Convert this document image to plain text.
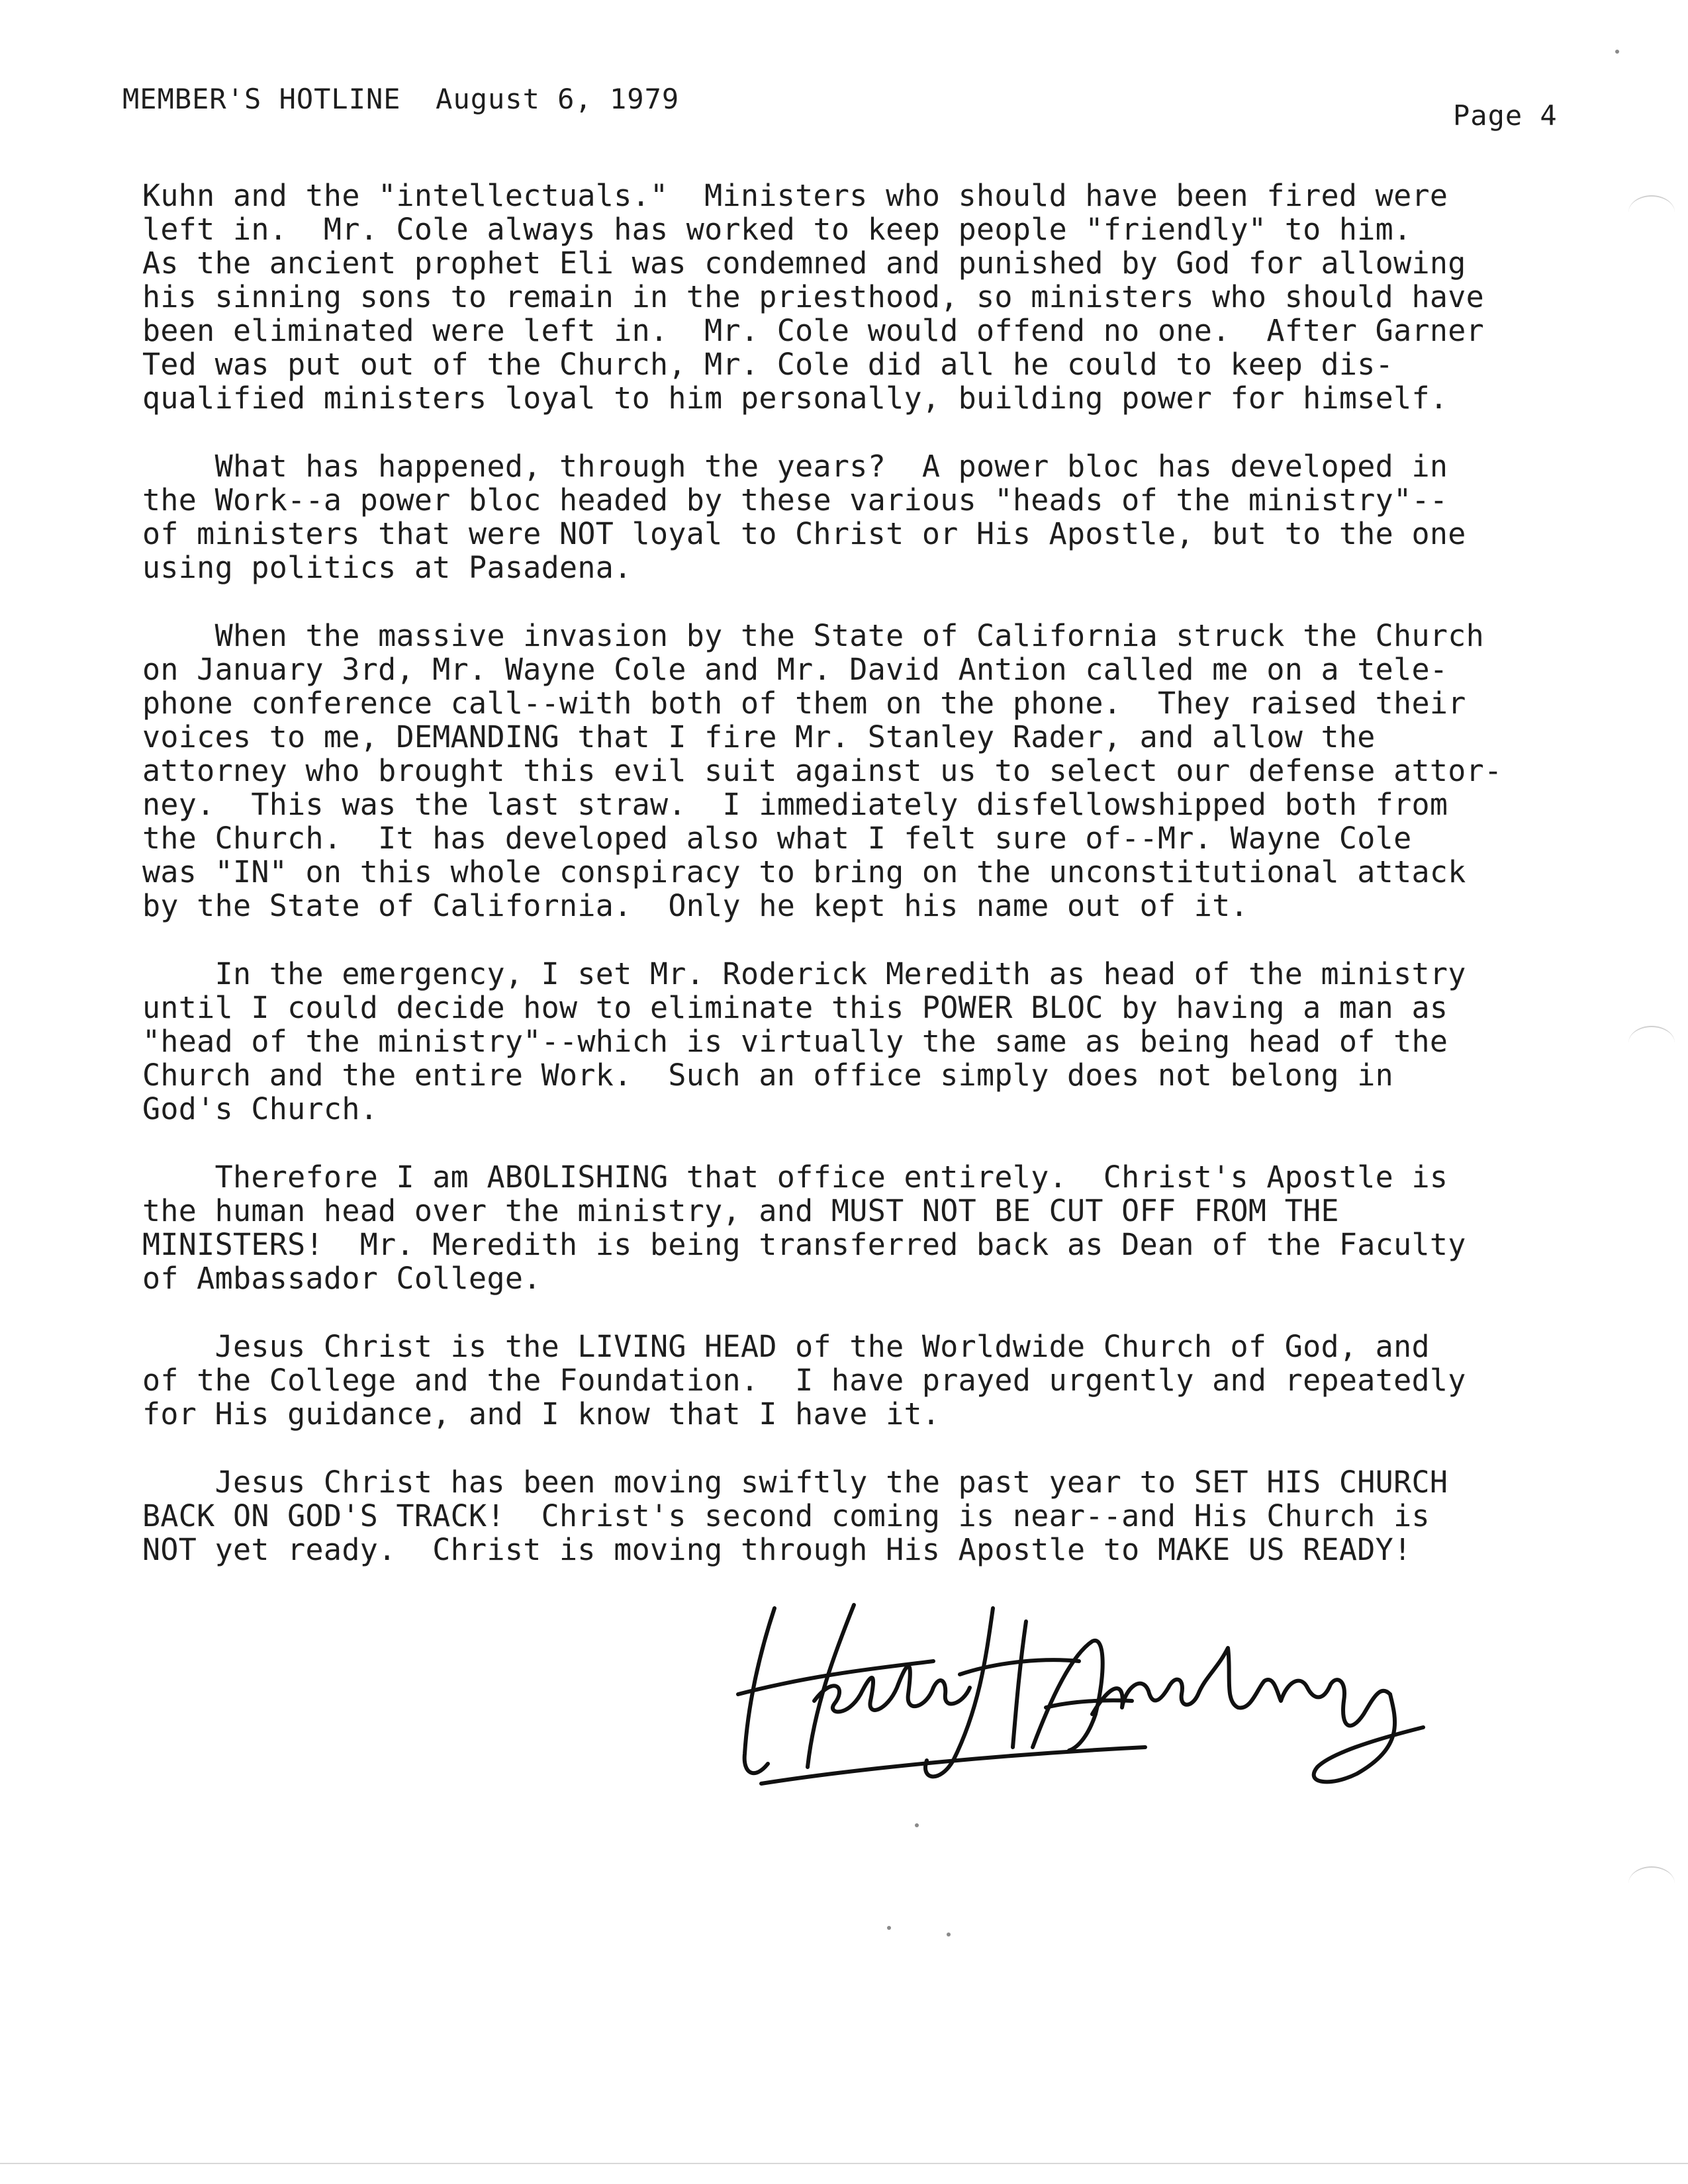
MEMBER'S HOTLINE August 6, 1979
Page 4
Kuhn and the "intellectuals."  Ministers who should have been fired were
left in.  Mr. Cole always has worked to keep people "friendly" to him.
As the ancient prophet Eli was condemned and punished by God for allowing
his sinning sons to remain in the priesthood, so ministers who should have
been eliminated were left in.  Mr. Cole would offend no one.  After Garner
Ted was put out of the Church, Mr. Cole did all he could to keep dis-
qualified ministers loyal to him personally, building power for himself.
What has happened, through the years?  A power bloc has developed in
the Work--a power bloc headed by these various "heads of the ministry"--
of ministers that were NOT loyal to Christ or His Apostle, but to the one
using politics at Pasadena.
When the massive invasion by the State of California struck the Church
on January 3rd, Mr. Wayne Cole and Mr. David Antion called me on a tele-
phone conference call--with both of them on the phone.  They raised their
voices to me, DEMANDING that I fire Mr. Stanley Rader, and allow the
attorney who brought this evil suit against us to select our defense attor-
ney.  This was the last straw.  I immediately disfellowshipped both from
the Church.  It has developed also what I felt sure of--Mr. Wayne Cole
was "IN" on this whole conspiracy to bring on the unconstitutional attack
by the State of California.  Only he kept his name out of it.
In the emergency, I set Mr. Roderick Meredith as head of the ministry
until I could decide how to eliminate this POWER BLOC by having a man as
"head of the ministry"--which is virtually the same as being head of the
Church and the entire Work.  Such an office simply does not belong in
God's Church.
Therefore I am ABOLISHING that office entirely.  Christ's Apostle is
the human head over the ministry, and MUST NOT BE CUT OFF FROM THE
MINISTERS!  Mr. Meredith is being transferred back as Dean of the Faculty
of Ambassador College.
Jesus Christ is the LIVING HEAD of the Worldwide Church of God, and
of the College and the Foundation.  I have prayed urgently and repeatedly
for His guidance, and I know that I have it.
Jesus Christ has been moving swiftly the past year to SET HIS CHURCH
BACK ON GOD'S TRACK!  Christ's second coming is near--and His Church is
NOT yet ready.  Christ is moving through His Apostle to MAKE US READY!
